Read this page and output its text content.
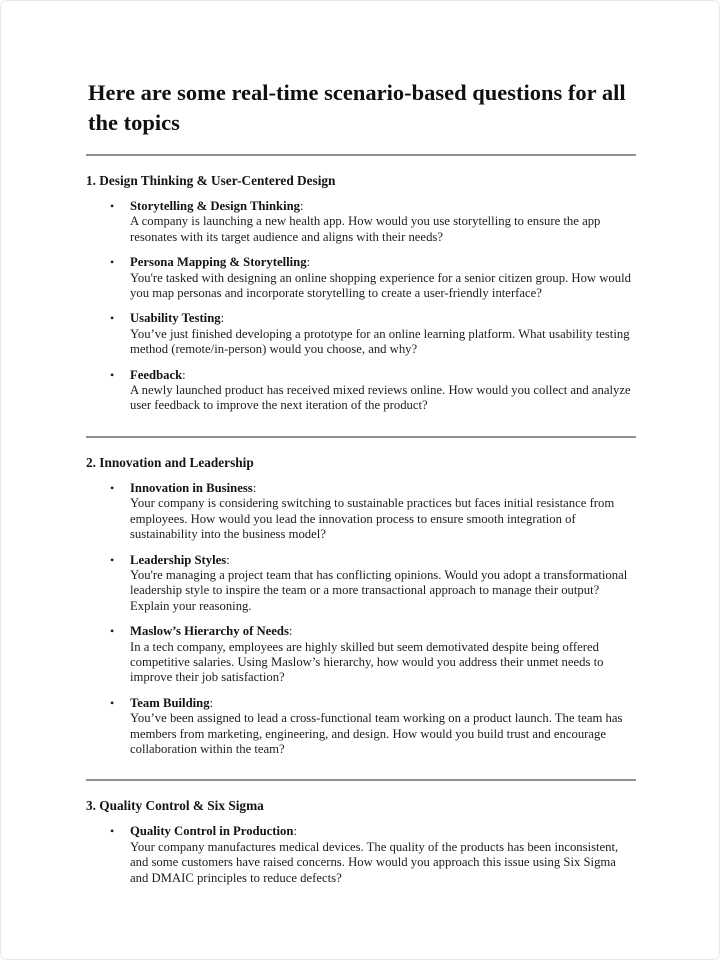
Here are some real-time scenario-based questions for all the topics
1. Design Thinking & User-Centered Design
•	Storytelling & Design Thinking:
A company is launching a new health app. How would you use storytelling to ensure the app resonates with its target audience and aligns with their needs?
•	Persona Mapping & Storytelling:
You're tasked with designing an online shopping experience for a senior citizen group. How would you map personas and incorporate storytelling to create a user-friendly interface?
•	Usability Testing:
You’ve just finished developing a prototype for an online learning platform. What usability testing method (remote/in-person) would you choose, and why?
•	Feedback:
A newly launched product has received mixed reviews online. How would you collect and analyze user feedback to improve the next iteration of the product?
2. Innovation and Leadership
•	Innovation in Business:
Your company is considering switching to sustainable practices but faces initial resistance from employees. How would you lead the innovation process to ensure smooth integration of sustainability into the business model?
•	Leadership Styles:
You're managing a project team that has conflicting opinions. Would you adopt a transformational leadership style to inspire the team or a more transactional approach to manage their output? Explain your reasoning.
•	Maslow’s Hierarchy of Needs:
In a tech company, employees are highly skilled but seem demotivated despite being offered competitive salaries. Using Maslow’s hierarchy, how would you address their unmet needs to improve their job satisfaction?
•	Team Building:
You’ve been assigned to lead a cross-functional team working on a product launch. The team has members from marketing, engineering, and design. How would you build trust and encourage collaboration within the team?
3. Quality Control & Six Sigma
•	Quality Control in Production:
Your company manufactures medical devices. The quality of the products has been inconsistent, and some customers have raised concerns. How would you approach this issue using Six Sigma and DMAIC principles to reduce defects?
